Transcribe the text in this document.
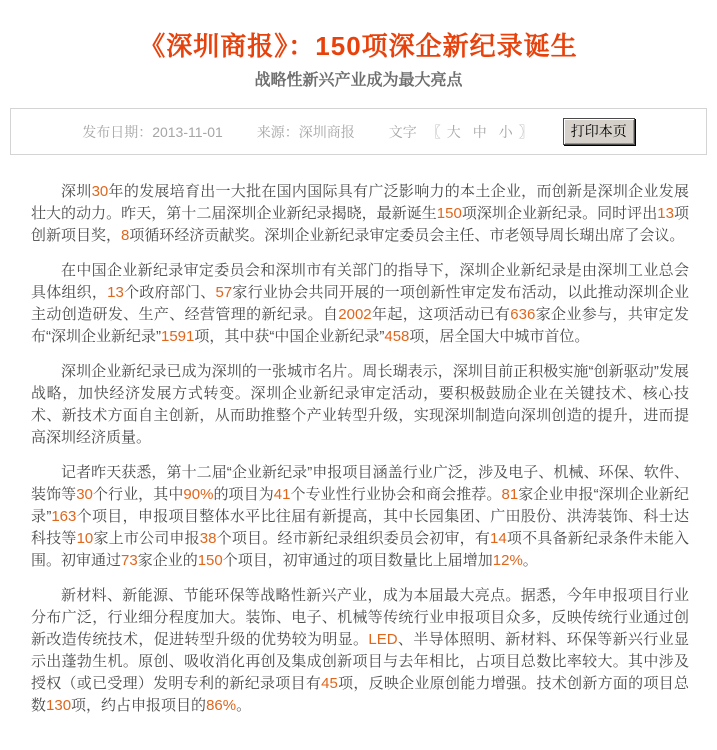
《深圳商报》：150项深企新纪录诞生
战略性新兴产业成为最大亮点
发布日期： 2013-11-01 来源： 深圳商报 文字 〖 大 中 小 〗	打印本页

深圳30年的发展培育出一大批在国内国际具有广泛影响力的本土企业，而创新是深圳企业发展壮大的动力。昨天，第十二届深圳企业新纪录揭晓，最新诞生150项深圳企业新纪录。同时评出13项创新项目奖，8项循环经济贡献奖。深圳企业新纪录审定委员会主任、市老领导周长瑚出席了会议。

在中国企业新纪录审定委员会和深圳市有关部门的指导下，深圳企业新纪录是由深圳工业总会具体组织，13个政府部门、57家行业协会共同开展的一项创新性审定发布活动，以此推动深圳企业主动创造研发、生产、经营管理的新纪录。自2002年起，这项活动已有636家企业参与，共审定发布“深圳企业新纪录”1591项，其中获“中国企业新纪录”458项，居全国大中城市首位。

深圳企业新纪录已成为深圳的一张城市名片。周长瑚表示，深圳目前正积极实施“创新驱动”发展战略，加快经济发展方式转变。深圳企业新纪录审定活动，要积极鼓励企业在关键技术、核心技术、新技术方面自主创新，从而助推整个产业转型升级，实现深圳制造向深圳创造的提升，进而提高深圳经济质量。

记者昨天获悉，第十二届“企业新纪录”申报项目涵盖行业广泛，涉及电子、机械、环保、软件、装饰等30个行业，其中90%的项目为41个专业性行业协会和商会推荐。81家企业申报“深圳企业新纪录”163个项目，申报项目整体水平比往届有新提高，其中长园集团、广田股份、洪涛装饰、科士达科技等10家上市公司申报38个项目。经市新纪录组织委员会初审，有14项不具备新纪录条件未能入围。初审通过73家企业的150个项目，初审通过的项目数量比上届增加12%。

新材料、新能源、节能环保等战略性新兴产业，成为本届最大亮点。据悉，今年申报项目行业分布广泛，行业细分程度加大。装饰、电子、机械等传统行业申报项目众多，反映传统行业通过创新改造传统技术，促进转型升级的优势较为明显。LED、半导体照明、新材料、环保等新兴行业显示出蓬勃生机。原创、吸收消化再创及集成创新项目与去年相比，占项目总数比率较大。其中涉及授权（或已受理）发明专利的新纪录项目有45项，反映企业原创能力增强。技术创新方面的项目总数130项，约占申报项目的86%。
